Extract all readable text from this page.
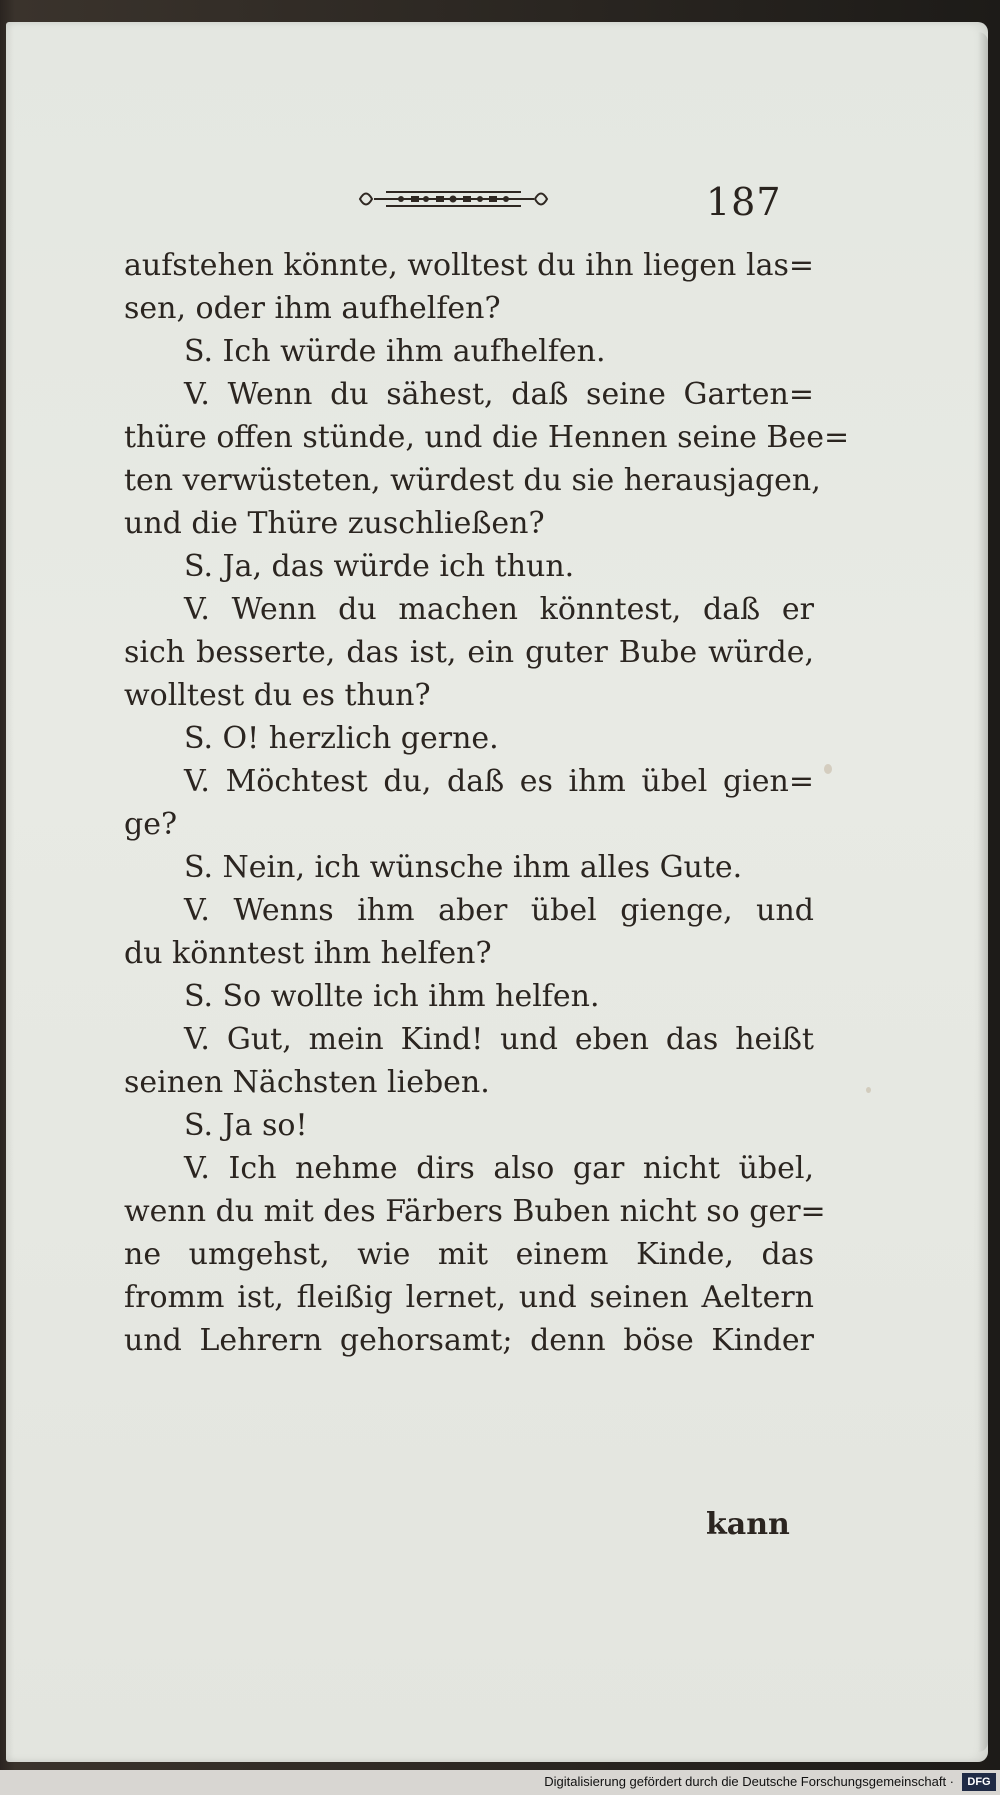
187
aufstehen könnte, wolltest du ihn liegen las=
sen, oder ihm aufhelfen?
S. Ich würde ihm aufhelfen.
V. Wenn du sähest, daß seine Garten=
thüre offen stünde, und die Hennen seine Bee=
ten verwüsteten, würdest du sie herausjagen,
und die Thüre zuschließen?
S. Ja, das würde ich thun.
V. Wenn du machen könntest, daß er
sich besserte, das ist, ein guter Bube würde,
wolltest du es thun?
S. O! herzlich gerne.
V. Möchtest du, daß es ihm übel gien=
ge?
S. Nein, ich wünsche ihm alles Gute.
V. Wenns ihm aber übel gienge, und
du könntest ihm helfen?
S. So wollte ich ihm helfen.
V. Gut, mein Kind! und eben das heißt
seinen Nächsten lieben.
S. Ja so!
V. Ich nehme dirs also gar nicht übel,
wenn du mit des Färbers Buben nicht so ger=
ne umgehst, wie mit einem Kinde, das
fromm ist, fleißig lernet, und seinen Aeltern
und Lehrern gehorsamt; denn böse Kinder
kann
Digitalisierung gefördert durch die Deutsche Forschungsgemeinschaft ·	DFG
